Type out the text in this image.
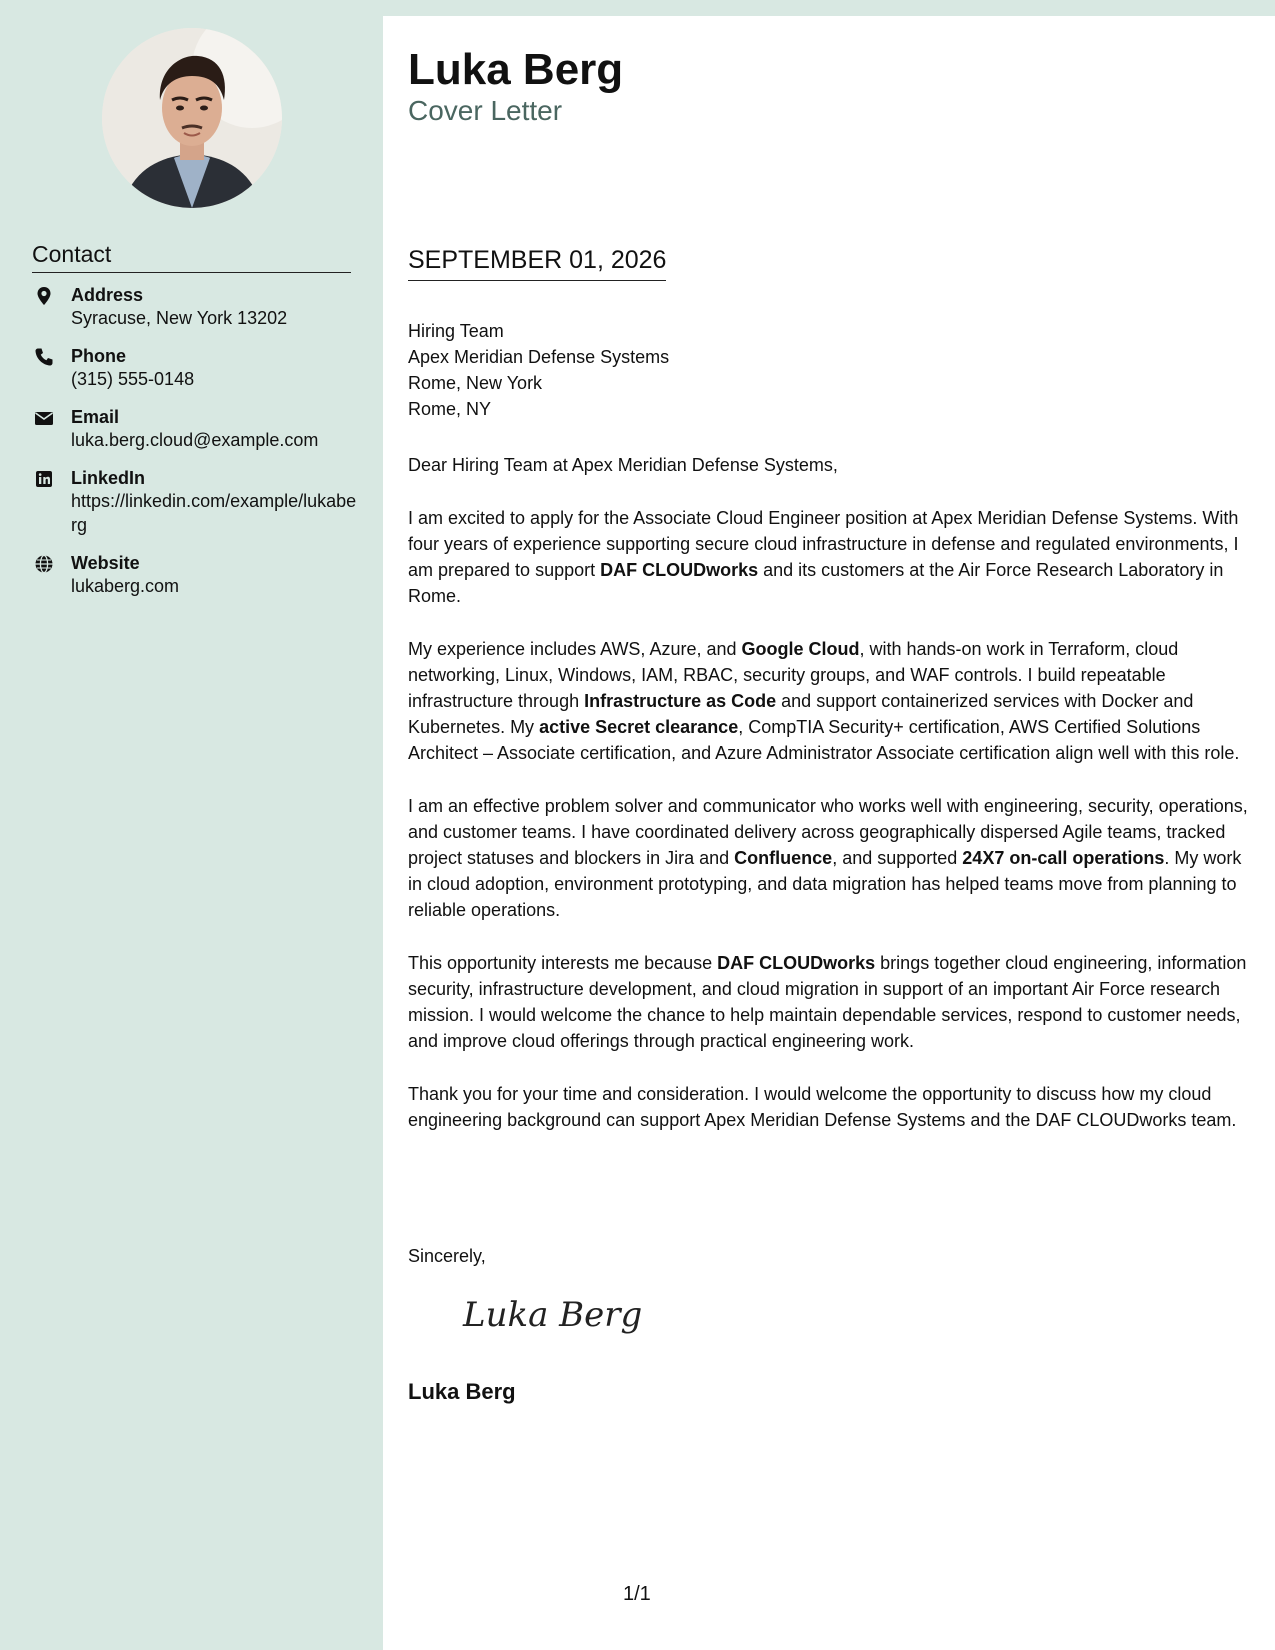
Contact
Address
Syracuse, New York 13202
Phone
(315) 555-0148
Email
luka.berg.cloud@example.com
LinkedIn
https://linkedin.com/example/lukaberg
Website
lukaberg.com
Luka Berg
Cover Letter
SEPTEMBER 01, 2026
Hiring Team
Apex Meridian Defense Systems
Rome, New York
Rome, NY

Dear Hiring Team at Apex Meridian Defense Systems,

I am excited to apply for the Associate Cloud Engineer position at Apex Meridian Defense Systems. With four years of experience supporting secure cloud infrastructure in defense and regulated environments, I am prepared to support DAF CLOUDworks and its customers at the Air Force Research Laboratory in Rome.

My experience includes AWS, Azure, and Google Cloud, with hands-on work in Terraform, cloud networking, Linux, Windows, IAM, RBAC, security groups, and WAF controls. I build repeatable infrastructure through Infrastructure as Code and support containerized services with Docker and Kubernetes. My active Secret clearance, CompTIA Security+ certification, AWS Certified Solutions Architect – Associate certification, and Azure Administrator Associate certification align well with this role.

I am an effective problem solver and communicator who works well with engineering, security, operations, and customer teams. I have coordinated delivery across geographically dispersed Agile teams, tracked project statuses and blockers in Jira and Confluence, and supported 24X7 on-call operations. My work in cloud adoption, environment prototyping, and data migration has helped teams move from planning to reliable operations.

This opportunity interests me because DAF CLOUDworks brings together cloud engineering, information security, infrastructure development, and cloud migration in support of an important Air Force research mission. I would welcome the chance to help maintain dependable services, respond to customer needs, and improve cloud offerings through practical engineering work.

Thank you for your time and consideration. I would welcome the opportunity to discuss how my cloud engineering background can support Apex Meridian Defense Systems and the DAF CLOUDworks team.

Sincerely,
Luka Berg
Luka Berg
1/1
